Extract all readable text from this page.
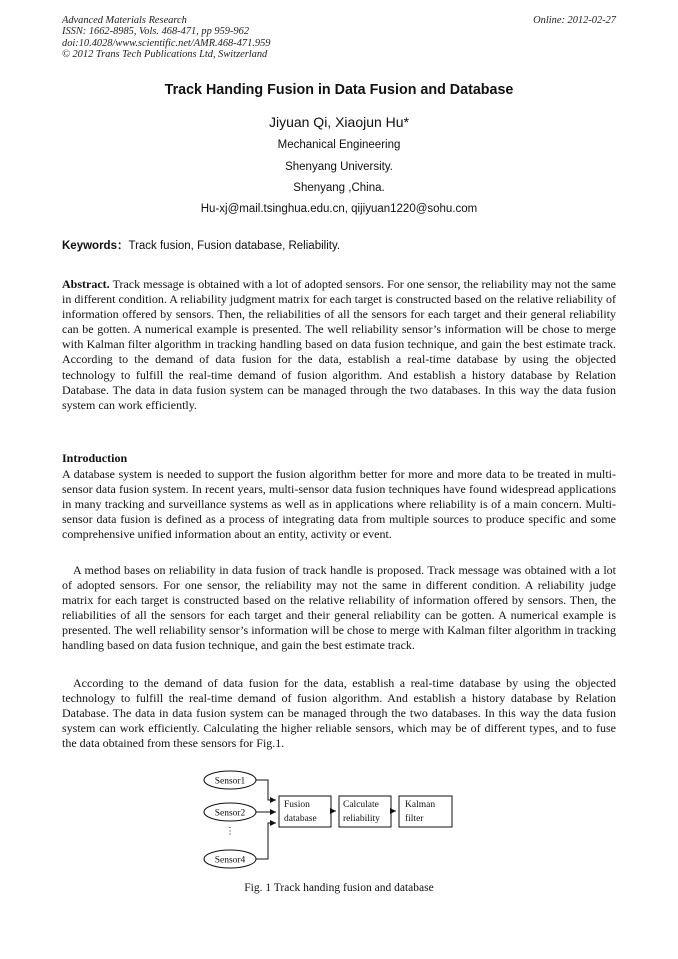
Advanced Materials Research
ISSN: 1662-8985, Vols. 468-471, pp 959-962
doi:10.4028/www.scientific.net/AMR.468-471.959
© 2012 Trans Tech Publications Ltd, Switzerland
Online: 2012-02-27
Track Handing Fusion in Data Fusion and Database
Jiyuan Qi, Xiaojun Hu*
Mechanical Engineering
Shenyang University.
Shenyang ,China.
Hu-xj@mail.tsinghua.edu.cn, qijiyuan1220@sohu.com
Keywords：Track fusion, Fusion database, Reliability.

Abstract. Track message is obtained with a lot of adopted sensors. For one sensor, the reliability may not the same in different condition. A reliability judgment matrix for each target is constructed based on the relative reliability of information offered by sensors. Then, the reliabilities of all the sensors for each target and their general reliability can be gotten. A numerical example is presented. The well reliability sensor’s information will be chose to merge with Kalman filter algorithm in tracking handling based on data fusion technique, and gain the best estimate track. According to the demand of data fusion for the data, establish a real-time database by using the objected technology to fulfill the real-time demand of fusion algorithm. And establish a history database by Relation Database. The data in data fusion system can be managed through the two databases. In this way the data fusion system can work efficiently.

Introduction

A database system is needed to support the fusion algorithm better for more and more data to be treated in multi-sensor data fusion system. In recent years, multi-sensor data fusion techniques have found widespread applications in many tracking and surveillance systems as well as in applications where reliability is of a main concern. Multi-sensor data fusion is defined as a process of integrating data from multiple sources to produce specific and some comprehensive unified information about an entity, activity or event.

A method bases on reliability in data fusion of track handle is proposed. Track message was obtained with a lot of adopted sensors. For one sensor, the reliability may not the same in different condition. A reliability judge matrix for each target is constructed based on the relative reliability of information offered by sensors. Then, the reliabilities of all the sensors for each target and their general reliability can be gotten. A numerical example is presented. The well reliability sensor’s information will be chose to merge with Kalman filter algorithm in tracking handling based on data fusion technique, and gain the best estimate track.

According to the demand of data fusion for the data, establish a real-time database by using the objected technology to fulfill the real-time demand of fusion algorithm. And establish a history database by Relation Database. The data in data fusion system can be managed through the two databases. In this way the data fusion system can work efficiently. Calculating the higher reliable sensors, which may be of different types, and to fuse the data obtained from these sensors for Fig.1.

Sensor1
Sensor2
⋮
Sensor4
Fusion
database
Calculate
reliability
Kalman
filter
Fig. 1 Track handing fusion and database
